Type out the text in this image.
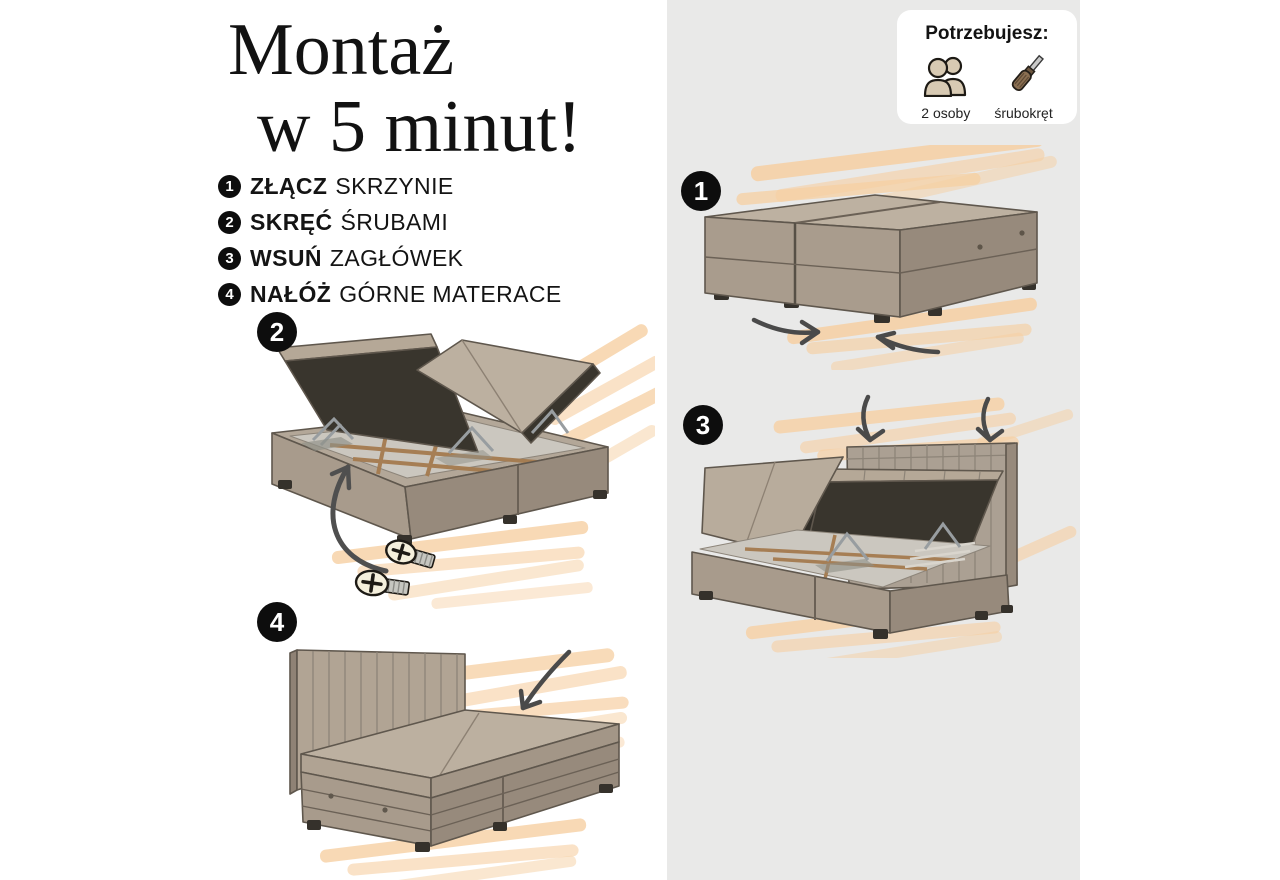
Montaż
w 5 minut!
1 ZŁĄCZ SKRZYNIE
2 SKRĘĆ ŚRUBAMI
3 WSUŃ ZAGŁÓWEK
4 NAŁÓŻ GÓRNE MATERACE
Potrzebujesz:
2 osoby śrubokręt
1
2
3
4
